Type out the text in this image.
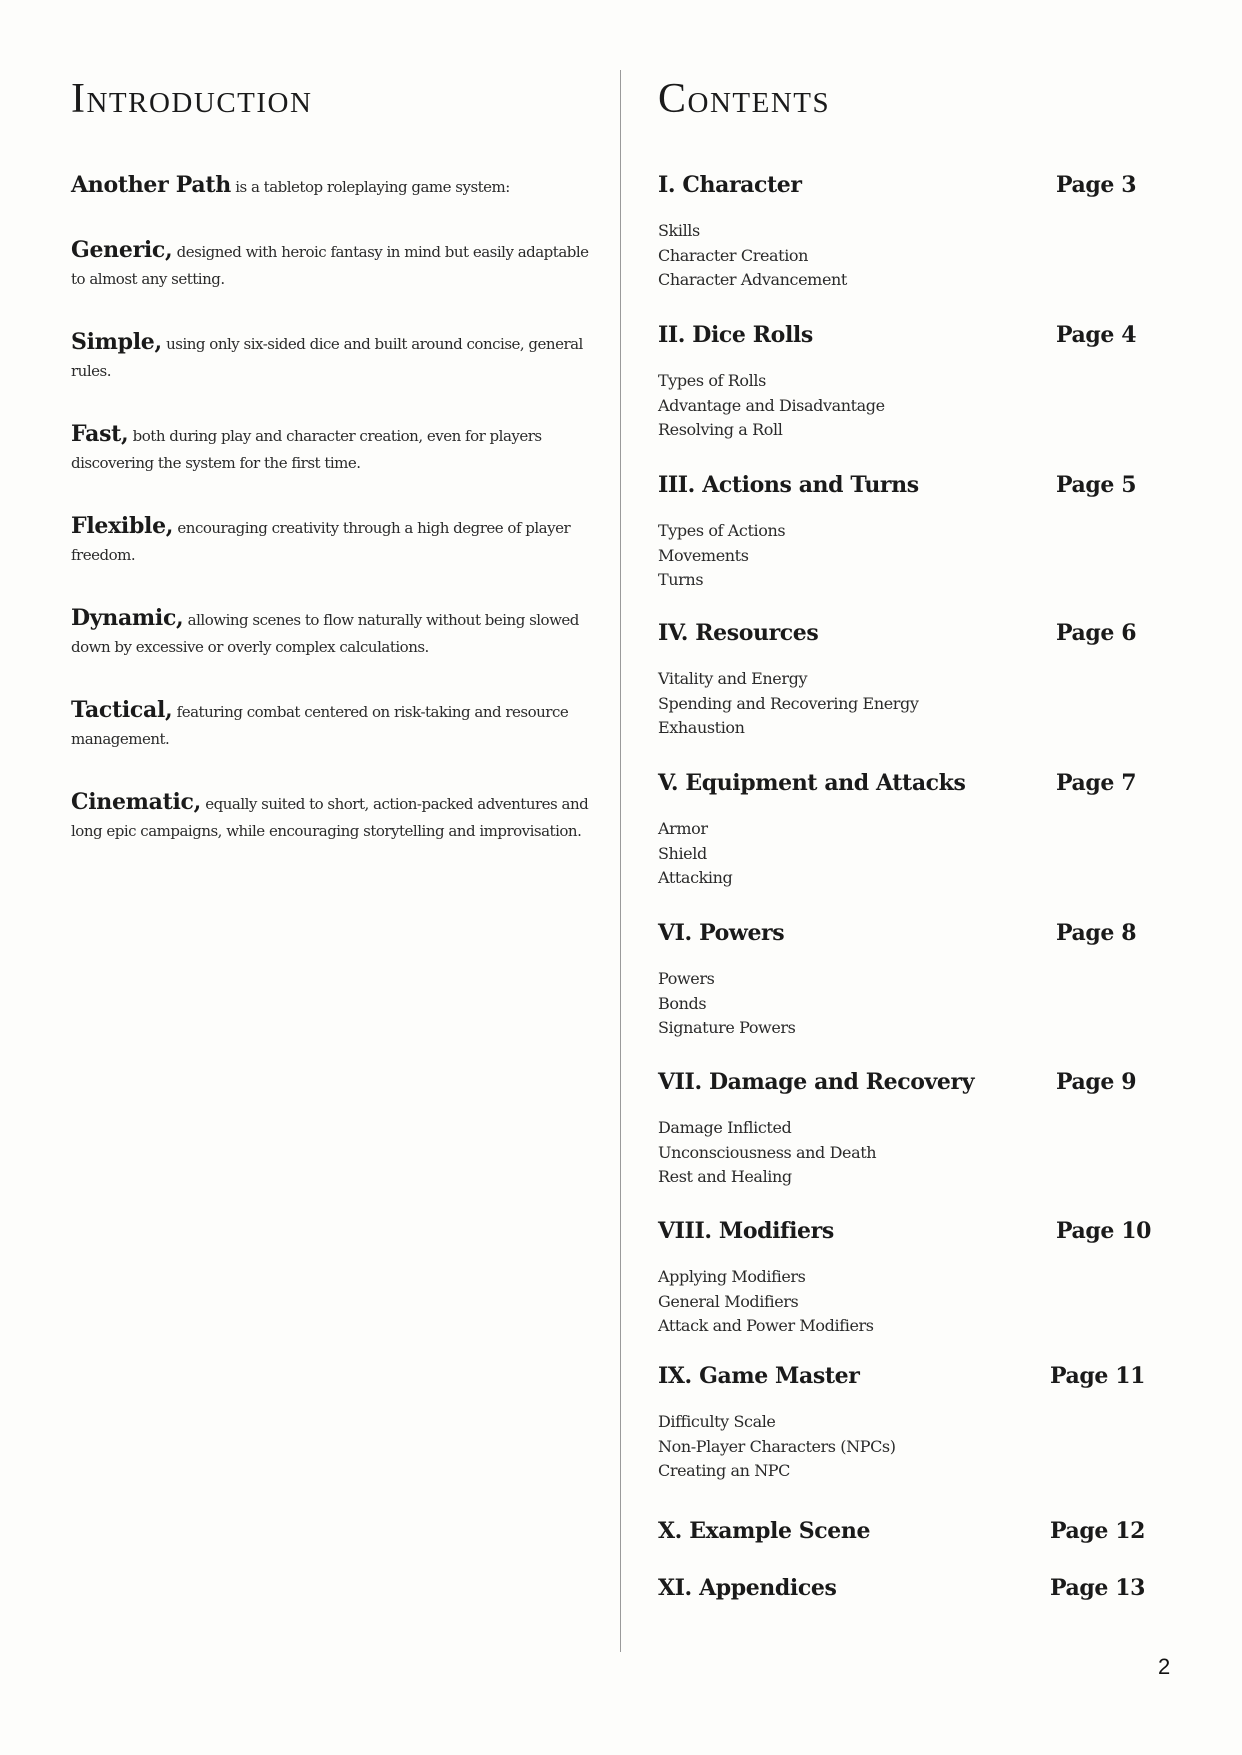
Introduction	Contents

Another Path is a tabletop roleplaying game system:

Generic, designed with heroic fantasy in mind but easily adaptable to almost any setting.

Simple, using only six-sided dice and built around concise, general rules.

Fast, both during play and character creation, even for players discovering the system for the first time.

Flexible, encouraging creativity through a high degree of player freedom.

Dynamic, allowing scenes to flow naturally without being slowed down by excessive or overly complex calculations.

Tactical, featuring combat centered on risk-taking and resource management.

Cinematic, equally suited to short, action-packed adventures and long epic campaigns, while encouraging storytelling and improvisation.

I. Character	Page 3
Skills
Character Creation
Character Advancement
II. Dice Rolls	Page 4
Types of Rolls
Advantage and Disadvantage
Resolving a Roll
III. Actions and Turns	Page 5
Types of Actions
Movements
Turns
IV. Resources	Page 6
Vitality and Energy
Spending and Recovering Energy
Exhaustion
V. Equipment and Attacks	Page 7
Armor
Shield
Attacking
VI. Powers	Page 8
Powers
Bonds
Signature Powers
VII. Damage and Recovery	Page 9
Damage Inflicted
Unconsciousness and Death
Rest and Healing
VIII. Modifiers	Page 10
Applying Modifiers
General Modifiers
Attack and Power Modifiers
IX. Game Master	Page 11
Difficulty Scale
Non-Player Characters (NPCs)
Creating an NPC
X. Example Scene	Page 12
XI. Appendices	Page 13
2
